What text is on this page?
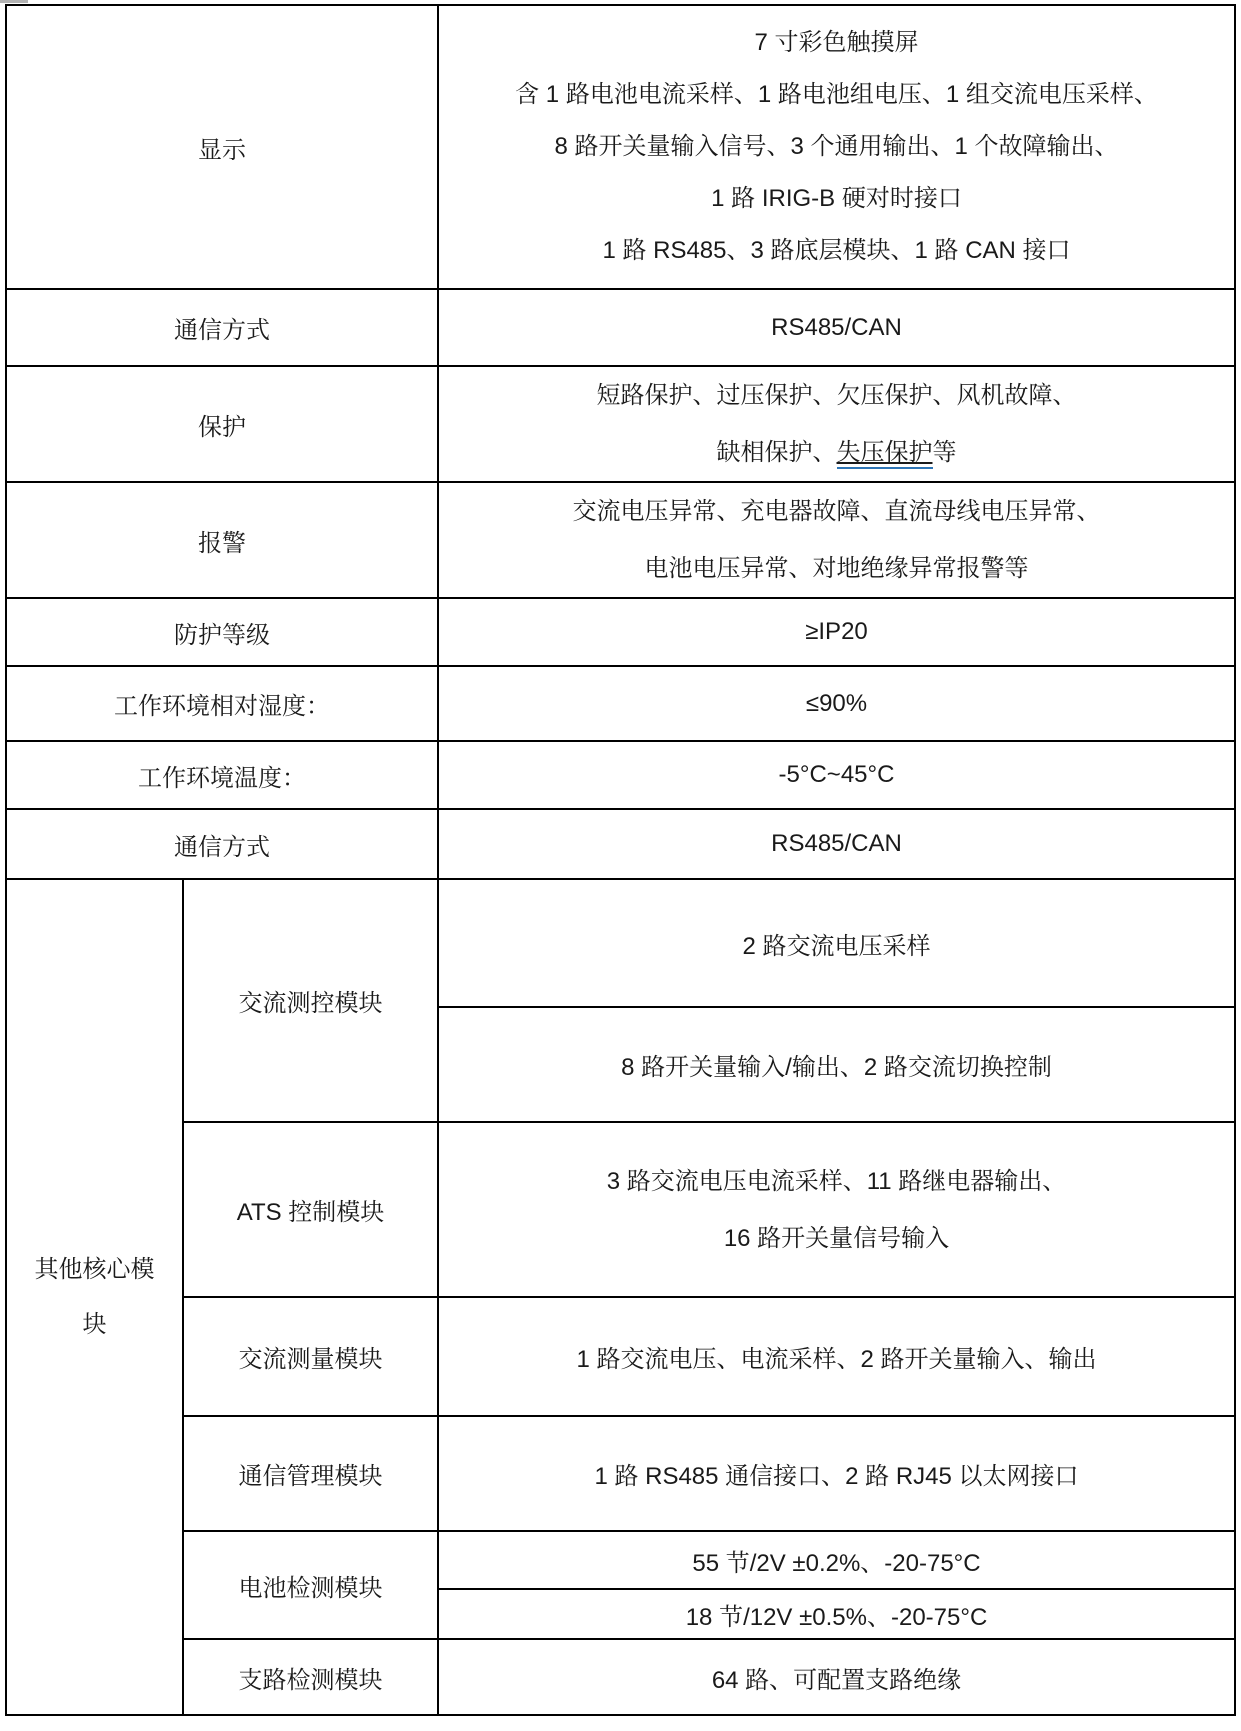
显示		7 寸彩色触摸屏
含 1 路电池电流采样、1 路电池组电压、1 组交流电压采样、
8 路开关量输入信号、3 个通用输出、1 个故障输出、
1 路 IRIG-B 硬对时接口
1 路 RS485、3 路底层模块、1 路 CAN 接口

通信方式		RS485/CAN
保护		短路保护、过压保护、欠压保护、风机故障、
缺相保护、失压保护等

报警		交流电压异常、充电器故障、直流母线电压异常、
电池电压异常、对地绝缘异常报警等

防护等级		≥IP20
工作环境相对湿度：		≤90%
工作环境温度：		-5°C~45°C
通信方式		RS485/CAN

其他核心模块	交流测控模块	2 路交流电压采样
		8 路开关量输入/输出、2 路交流切换控制
	ATS 控制模块	3 路交流电压电流采样、11 路继电器输出、
16 路开关量信号输入

	交流测量模块	1 路交流电压、电流采样、2 路开关量输入、输出
	通信管理模块	1 路 RS485 通信接口、2 路 RJ45 以太网接口
	电池检测模块	55 节/2V ±0.2%、-20-75°C
		18 节/12V ±0.5%、-20-75°C
	支路检测模块	64 路、可配置支路绝缘
